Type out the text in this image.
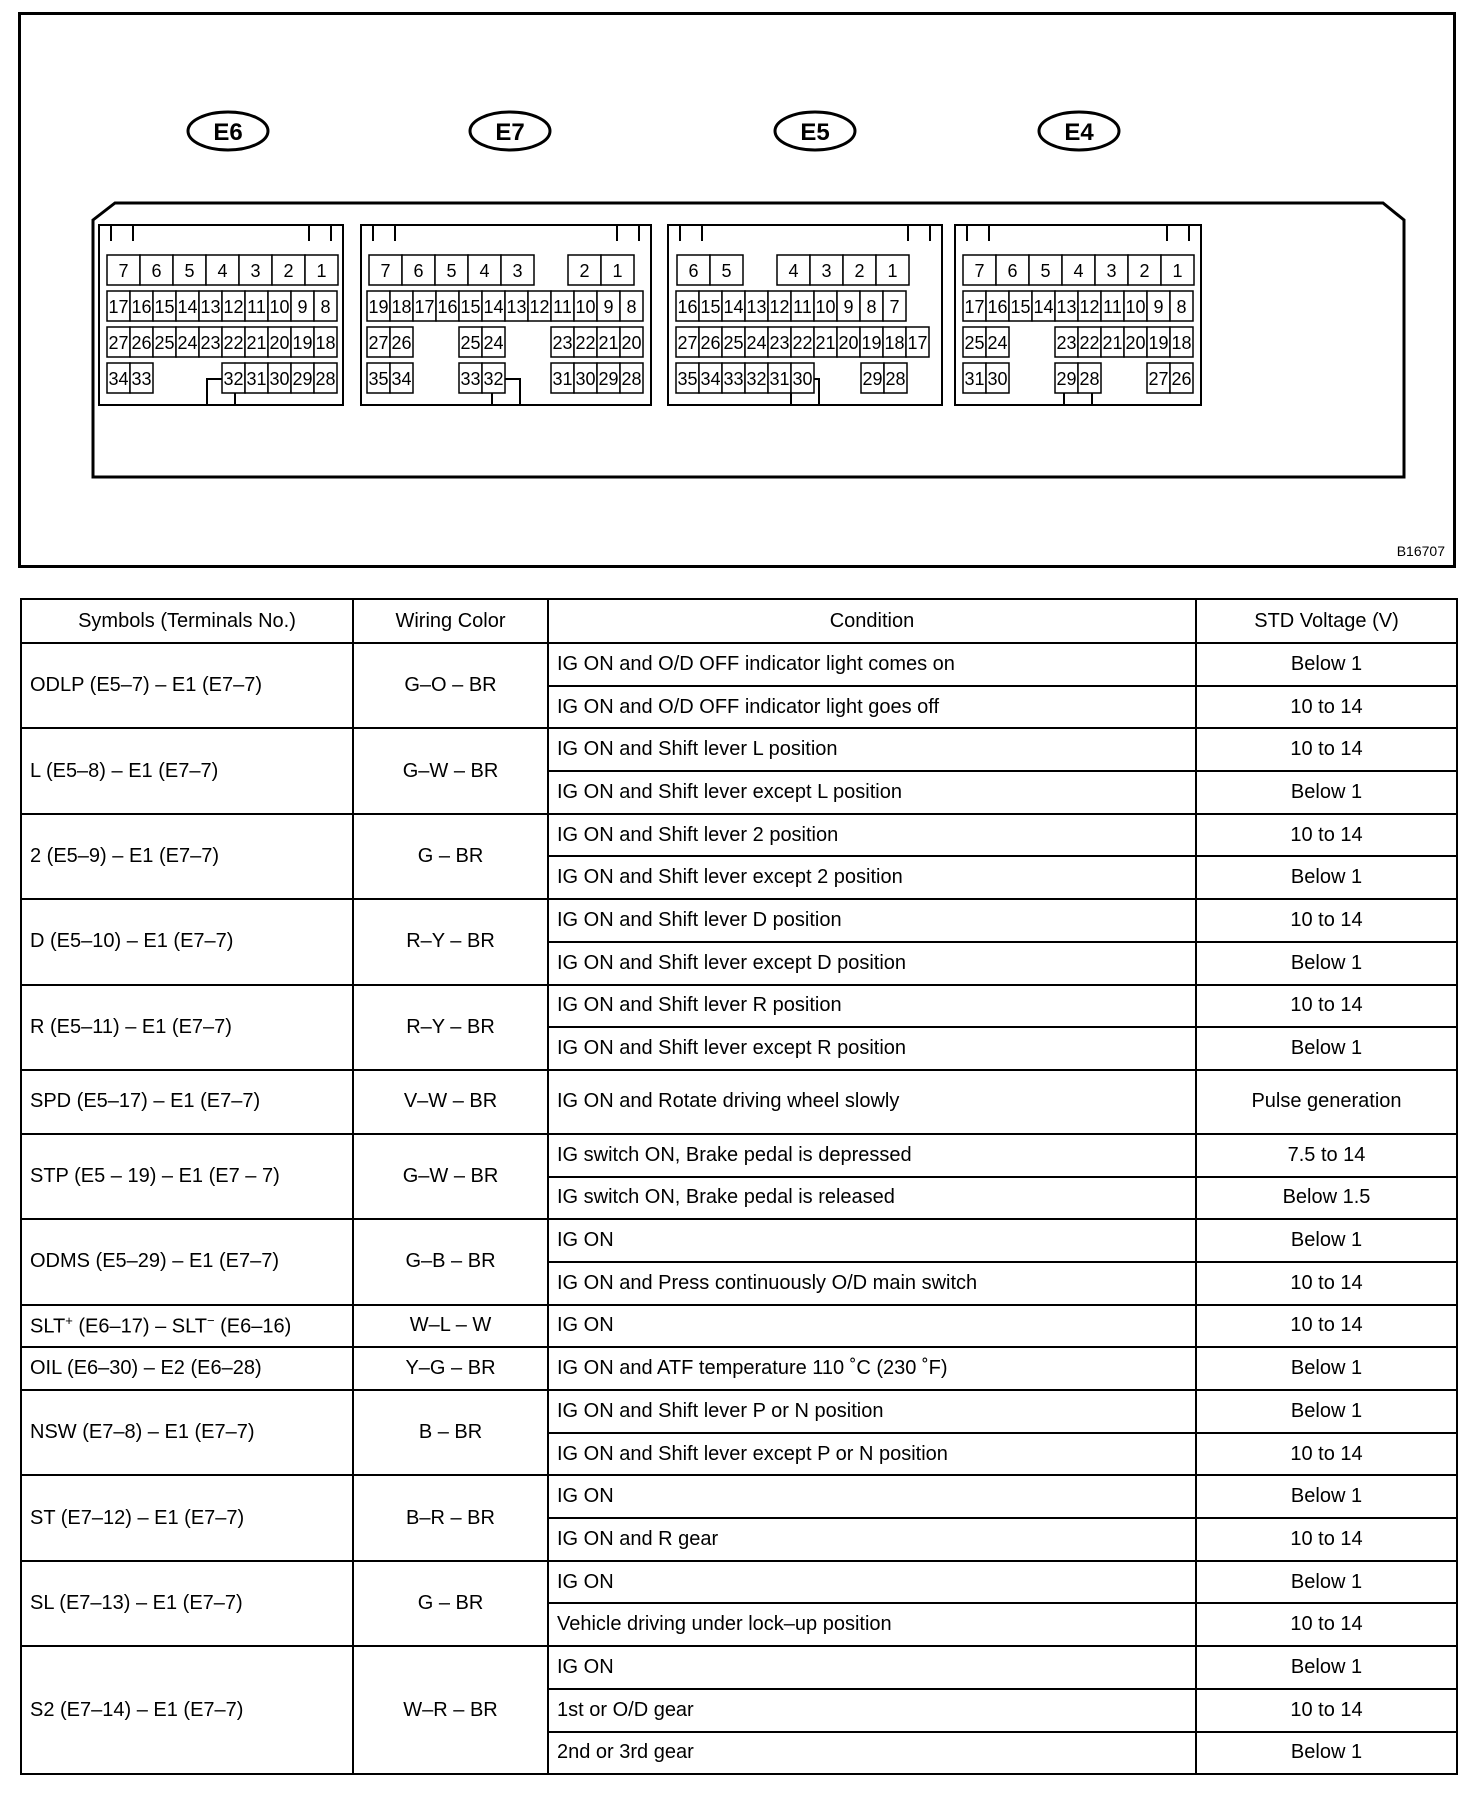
E6
7 6 5 4 3 2 1
17 16 15 14 13 12 11 10 9 8
27 26 25 24 23 22 21 20 19 18
34 33	32 31 30 29 28
E7
7 6 5 4 3	2 1
19 18 17 16 15 14 13 12 11 10 9 8
27 26	25 24	23 22 21 20
35 34	33 32	31 30 29 28
E5
6 5	4 3 2 1
16 15 14 13 12 11 10 9 8 7
27 26 25 24 23 22 21 20 19 18 17
35 34 33 32 31 30	29 28
E4
7 6 5 4 3 2 1
17 16 15 14 13 12 11 10 9 8
25 24	23 22 21 20 19 18
31 30	29 28	27 26
B16707
Symbols (Terminals No.)	Wiring Color	Condition	STD Voltage (V)
ODLP (E5–7) – E1 (E7–7)	G–O – BR	IG ON and O/D OFF indicator light comes on	Below 1
		IG ON and O/D OFF indicator light goes off	10 to 14
L (E5–8) – E1 (E7–7)	G–W – BR	IG ON and Shift lever L position	10 to 14
		IG ON and Shift lever except L position	Below 1
2 (E5–9) – E1 (E7–7)	G – BR	IG ON and Shift lever 2 position	10 to 14
		IG ON and Shift lever except 2 position	Below 1
D (E5–10) – E1 (E7–7)	R–Y – BR	IG ON and Shift lever D position	10 to 14
		IG ON and Shift lever except D position	Below 1
R (E5–11) – E1 (E7–7)	R–Y – BR	IG ON and Shift lever R position	10 to 14
		IG ON and Shift lever except R position	Below 1
SPD (E5–17) – E1 (E7–7)	V–W – BR	IG ON and Rotate driving wheel slowly	Pulse generation
STP (E5 – 19) – E1 (E7 – 7)	G–W – BR	IG switch ON, Brake pedal is depressed	7.5 to 14
		IG switch ON, Brake pedal is released	Below 1.5
ODMS (E5–29) – E1 (E7–7)	G–B – BR	IG ON	Below 1
		IG ON and Press continuously O/D main switch	10 to 14
SLT+ (E6–17) – SLT− (E6–16)	W–L – W	IG ON	10 to 14
OIL (E6–30) – E2 (E6–28)	Y–G – BR	IG ON and ATF temperature 110 ˚C (230 ˚F)	Below 1
NSW (E7–8) – E1 (E7–7)	B – BR	IG ON and Shift lever P or N position	Below 1
		IG ON and Shift lever except P or N position	10 to 14
ST (E7–12) – E1 (E7–7)	B–R – BR	IG ON	Below 1
		IG ON and R gear	10 to 14
SL (E7–13) – E1 (E7–7)	G – BR	IG ON	Below 1
		Vehicle driving under lock–up position	10 to 14
S2 (E7–14) – E1 (E7–7)	W–R – BR	IG ON	Below 1
		1st or O/D gear	10 to 14
		2nd or 3rd gear	Below 1
